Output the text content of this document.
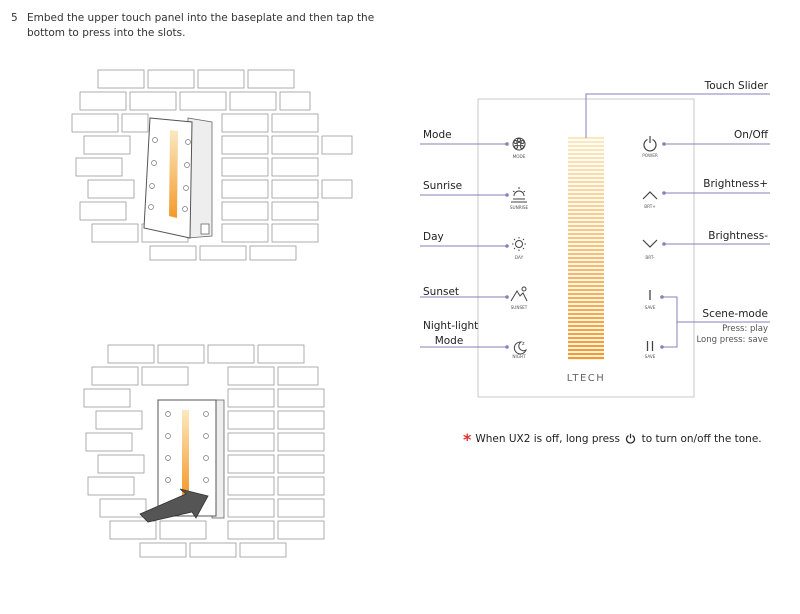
5 Embed the upper touch panel into the baseplate and then tap the
bottom to press into the slots.
z
MODE
SUNRISE
DAY
SUNSET
NIGHT
POWER
BRT+
BRT-
SAVE
SAVE
LTECH
Touch Slider
Mode	On/Off
Sunrise	Brightness+
Day	Brightness-
Sunset
Scene-mode
Press: play
Long press: save
Night-light
Mode
* When UX2 is off, long press to turn on/off the tone.
